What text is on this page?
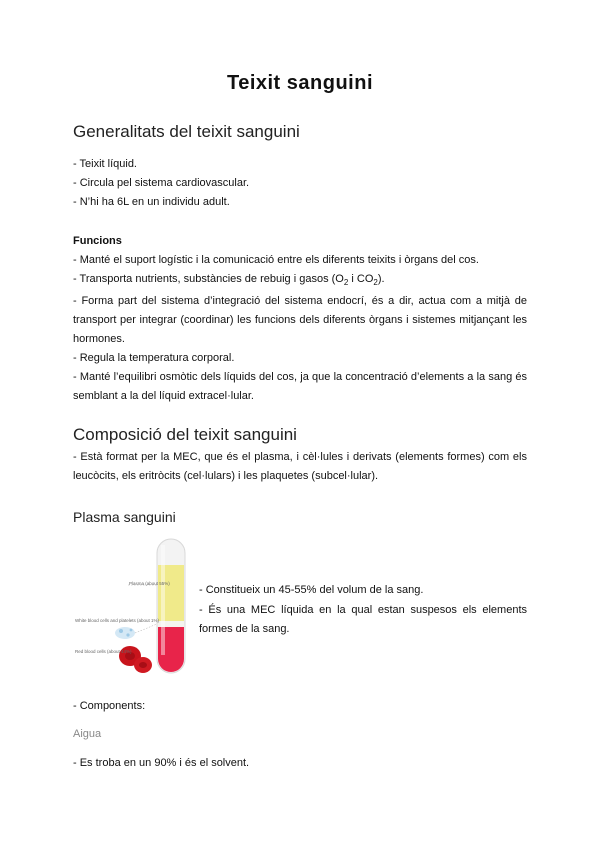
Teixit sanguini
Generalitats del teixit sanguini

- Teixit líquid.

- Circula pel sistema cardiovascular.

- N’hi ha 6L en un individu adult.

Funcions

- Manté el suport logístic i la comunicació entre els diferents teixits i òrgans del cos.

- Transporta nutrients, substàncies de rebuig i gasos ($O_2$ i $CO_2$).

- Forma part del sistema d’integració del sistema endocrí, és a dir, actua com a mitjà de transport per integrar (coordinar) les funcions dels diferents òrgans i sistemes mitjançant les hormones.

- Regula la temperatura corporal.

- Manté l’equilibri osmòtic dels líquids del cos, ja que la concentració d’elements a la sang és semblant a la del líquid extracel·lular.

Composició del teixit sanguini

- Està format per la MEC, que és el plasma, i cèl·lules i derivats (elements formes) com els leucòcits, els eritròcits (cel·lulars) i les plaquetes (subcel·lular).

Plasma sanguini
Plasma (about 55%)
White blood cells and platelets (about 1%)
Red blood cells (about 44%)

- Constitueix un 45-55% del volum de la sang.

- És una MEC líquida en la qual estan suspesos els elements formes de la sang.

- Components:

Aigua

- Es troba en un 90% i és el solvent.
